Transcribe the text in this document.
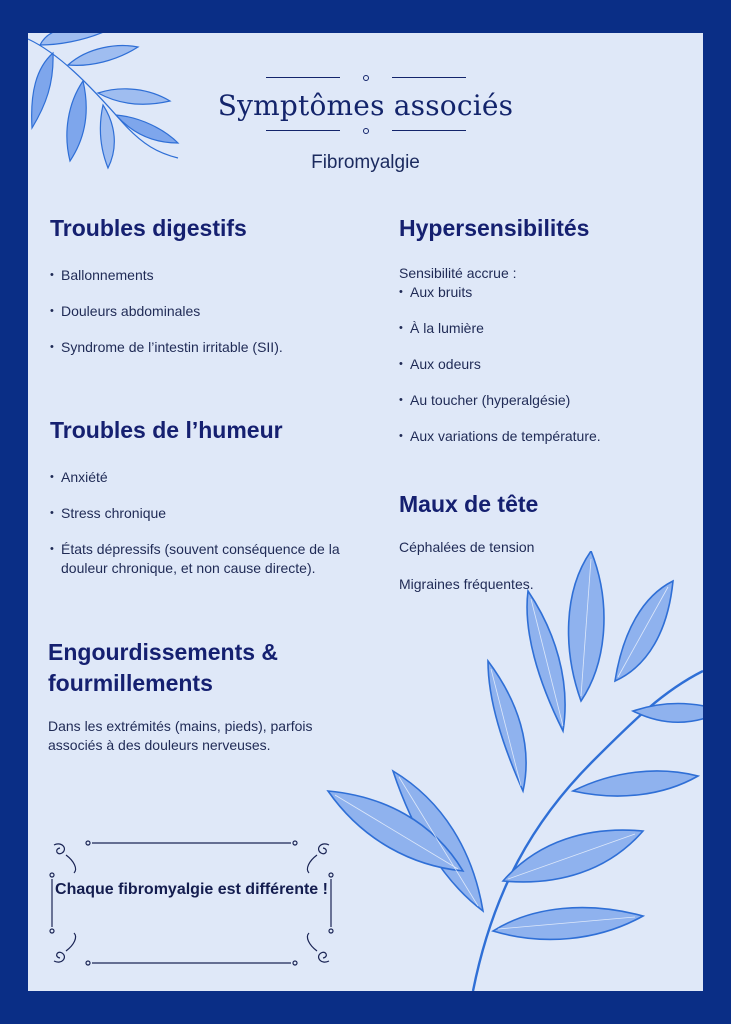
Symptômes associés
Fibromyalgie
Troubles digestifs
• Ballonnements
• Douleurs abdominales
• Syndrome de l’intestin irritable (SII).
Troubles de l’humeur
• Anxiété
• Stress chronique
• États dépressifs (souvent conséquence de la douleur chronique, et non cause directe).
Engourdissements & fourmillements

Dans les extrémités (mains, pieds), parfois associés à des douleurs nerveuses.

Hypersensibilités

Sensibilité accrue :

• Aux bruits
• À la lumière
• Aux odeurs
• Au toucher (hyperalgésie)
• Aux variations de température.
Maux de tête

Céphalées de tension

Migraines fréquentes.

Chaque fibromyalgie est différente !
